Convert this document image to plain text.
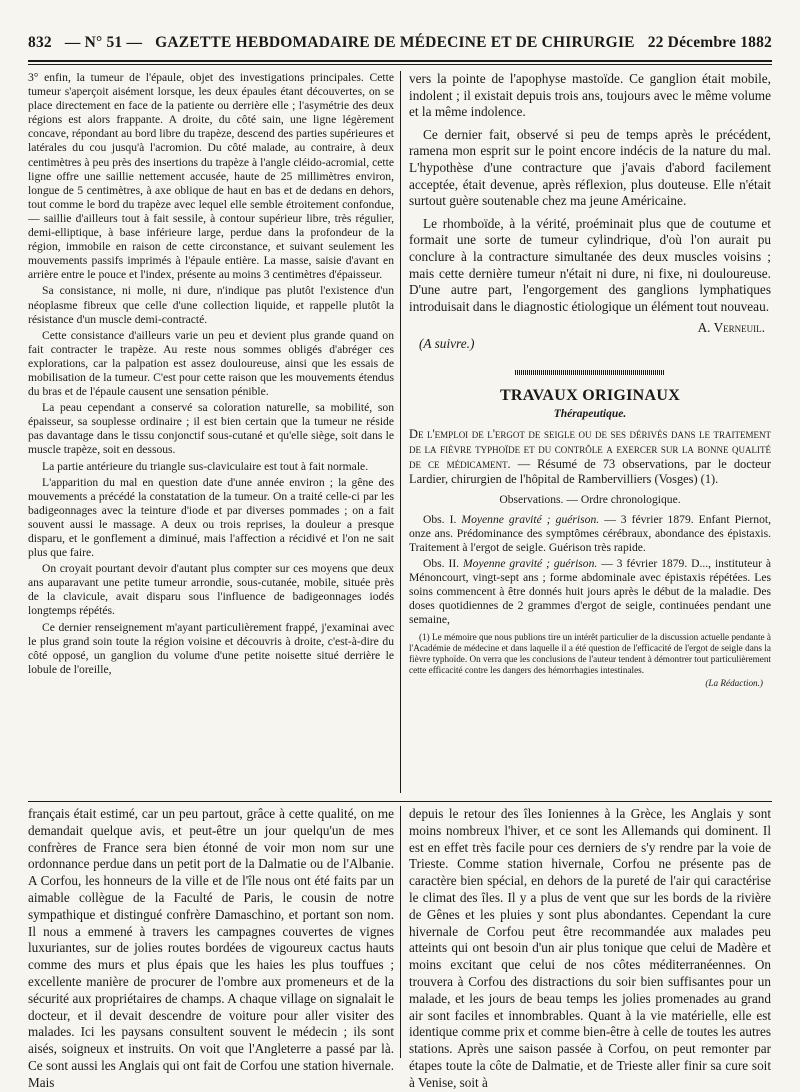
832 — N° 51 — GAZETTE HEBDOMADAIRE DE MÉDECINE ET DE CHIRURGIE 22 Décembre 1882

3° enfin, la tumeur de l'épaule, objet des investigations principales. Cette tumeur s'aperçoit aisément lorsque, les deux épaules étant découvertes, on se place directement en face de la patiente ou derrière elle ; l'asymétrie des deux régions est alors frappante. A droite, du côté sain, une ligne légèrement concave, répondant au bord libre du trapèze, descend des parties supérieures et latérales du cou jusqu'à l'acromion. Du côté malade, au contraire, à deux centimètres à peu près des insertions du trapèze à l'angle cléido-acromial, cette ligne offre une saillie nettement accusée, haute de 25 millimètres environ, longue de 5 centimètres, à axe oblique de haut en bas et de dedans en dehors, tout comme le bord du trapèze avec lequel elle semble étroitement confondue, — saillie d'ailleurs tout à fait sessile, à contour supérieur libre, très régulier, demi-elliptique, à base inférieure large, perdue dans la profondeur de la région, immobile en raison de cette circonstance, et suivant seulement les mouvements passifs imprimés à l'épaule entière. La masse, saisie d'avant en arrière entre le pouce et l'index, présente au moins 3 centimètres d'épaisseur.

Sa consistance, ni molle, ni dure, n'indique pas plutôt l'existence d'un néoplasme fibreux que celle d'une collection liquide, et rappelle plutôt la résistance d'un muscle demi-contracté.

Cette consistance d'ailleurs varie un peu et devient plus grande quand on fait contracter le trapèze. Au reste nous sommes obligés d'abréger ces explorations, car la palpation est assez douloureuse, ainsi que les essais de mobilisation de la tumeur. C'est pour cette raison que les mouvements étendus du bras et de l'épaule causent une sensation pénible.

La peau cependant a conservé sa coloration naturelle, sa mobilité, son épaisseur, sa souplesse ordinaire ; il est bien certain que la tumeur ne réside pas davantage dans le tissu conjonctif sous-cutané et qu'elle siège, soit dans le muscle trapèze, soit en dessous.

La partie antérieure du triangle sus-claviculaire est tout à fait normale.

L'apparition du mal en question date d'une année environ ; la gêne des mouvements a précédé la constatation de la tumeur. On a traité celle-ci par les badigeonnages avec la teinture d'iode et par diverses pommades ; on a fait souvent aussi le massage. A deux ou trois reprises, la douleur a presque disparu, et le gonflement a diminué, mais l'affection a récidivé et l'on ne sait plus que faire.

On croyait pourtant devoir d'autant plus compter sur ces moyens que deux ans auparavant une petite tumeur arrondie, sous-cutanée, mobile, située près de la clavicule, avait disparu sous l'influence de badigeonnages iodés longtemps répétés.

Ce dernier renseignement m'ayant particulièrement frappé, j'examinai avec le plus grand soin toute la région voisine et découvris à droite, c'est-à-dire du côté opposé, un ganglion du volume d'une petite noisette situé derrière le lobule de l'oreille,

vers la pointe de l'apophyse mastoïde. Ce ganglion était mobile, indolent ; il existait depuis trois ans, toujours avec le même volume et la même indolence.

Ce dernier fait, observé si peu de temps après le précédent, ramena mon esprit sur le point encore indécis de la nature du mal. L'hypothèse d'une contracture que j'avais d'abord facilement acceptée, était devenue, après réflexion, plus douteuse. Elle n'était surtout guère soutenable chez ma jeune Américaine.

Le rhomboïde, à la vérité, proéminait plus que de coutume et formait une sorte de tumeur cylindrique, d'où l'on aurait pu conclure à la contracture simultanée des deux muscles voisins ; mais cette dernière tumeur n'était ni dure, ni fixe, ni douloureuse. D'une autre part, l'engorgement des ganglions lymphatiques introduisait dans le diagnostic étiologique un élément tout nouveau.

A. Verneuil.
(A suivre.)
TRAVAUX ORIGINAUX
Thérapeutique.
De l'emploi de l'ergot de seigle ou de ses dérivés dans le traitement de la fièvre typhoïde et du contrôle a exercer sur la bonne qualité de ce médicament. — Résumé de 73 observations, par le docteur Lardier, chirurgien de l'hôpital de Rambervilliers (Vosges) (1).
Observations. — Ordre chronologique.

Obs. I. Moyenne gravité ; guérison. — 3 février 1879. Enfant Piernot, onze ans. Prédominance des symptômes cérébraux, abondance des épistaxis. Traitement à l'ergot de seigle. Guérison très rapide.

Obs. II. Moyenne gravité ; guérison. — 3 février 1879. D..., instituteur à Ménoncourt, vingt-sept ans ; forme abdominale avec épistaxis répétées. Les soins commencent à être donnés huit jours après le début de la maladie. Des doses quotidiennes de 2 grammes d'ergot de seigle, continuées pendant une semaine,

(1) Le mémoire que nous publions tire un intérêt particulier de la discussion actuelle pendante à l'Académie de médecine et dans laquelle il a été question de l'efficacité de l'ergot de seigle dans la fièvre typhoïde. On verra que les conclusions de l'auteur tendent à démontrer tout particulièrement cette efficacité contre les dangers des hémorrhagies intestinales.
(La Rédaction.)

français était estimé, car un peu partout, grâce à cette qualité, on me demandait quelque avis, et peut-être un jour quelqu'un de mes confrères de France sera bien étonné de voir mon nom sur une ordonnance perdue dans un petit port de la Dalmatie ou de l'Albanie. A Corfou, les honneurs de la ville et de l'île nous ont été faits par un aimable collègue de la Faculté de Paris, le cousin de notre sympathique et distingué confrère Damaschino, et portant son nom. Il nous a emmené à travers les campagnes couvertes de vignes luxuriantes, sur de jolies routes bordées de vigoureux cactus hauts comme des murs et plus épais que les haies les plus touffues ; excellente manière de procurer de l'ombre aux promeneurs et de la sécurité aux propriétaires de champs. A chaque village on signalait le docteur, et il devait descendre de voiture pour aller visiter des malades. Ici les paysans consultent souvent le médecin ; ils sont aisés, soigneux et instruits. On voit que l'Angleterre a passé par là. Ce sont aussi les Anglais qui ont fait de Corfou une station hivernale. Mais

depuis le retour des îles Ioniennes à la Grèce, les Anglais y sont moins nombreux l'hiver, et ce sont les Allemands qui dominent. Il est en effet très facile pour ces derniers de s'y rendre par la voie de Trieste. Comme station hivernale, Corfou ne présente pas de caractère bien spécial, en dehors de la pureté de l'air qui caractérise le climat des îles. Il y a plus de vent que sur les bords de la rivière de Gênes et les pluies y sont plus abondantes. Cependant la cure hivernale de Corfou peut être recommandée aux malades peu atteints qui ont besoin d'un air plus tonique que celui de Madère et moins excitant que celui de nos côtes méditerranéennes. On trouvera à Corfou des distractions du soir bien suffisantes pour un malade, et les jours de beau temps les jolies promenades au grand air sont faciles et innombrables. Quant à la vie matérielle, elle est identique comme prix et comme bien-être à celle de toutes les autres stations. Après une saison passée à Corfou, on peut remonter par étapes toute la côte de Dalmatie, et de Trieste aller finir sa cure soit à Venise, soit à
